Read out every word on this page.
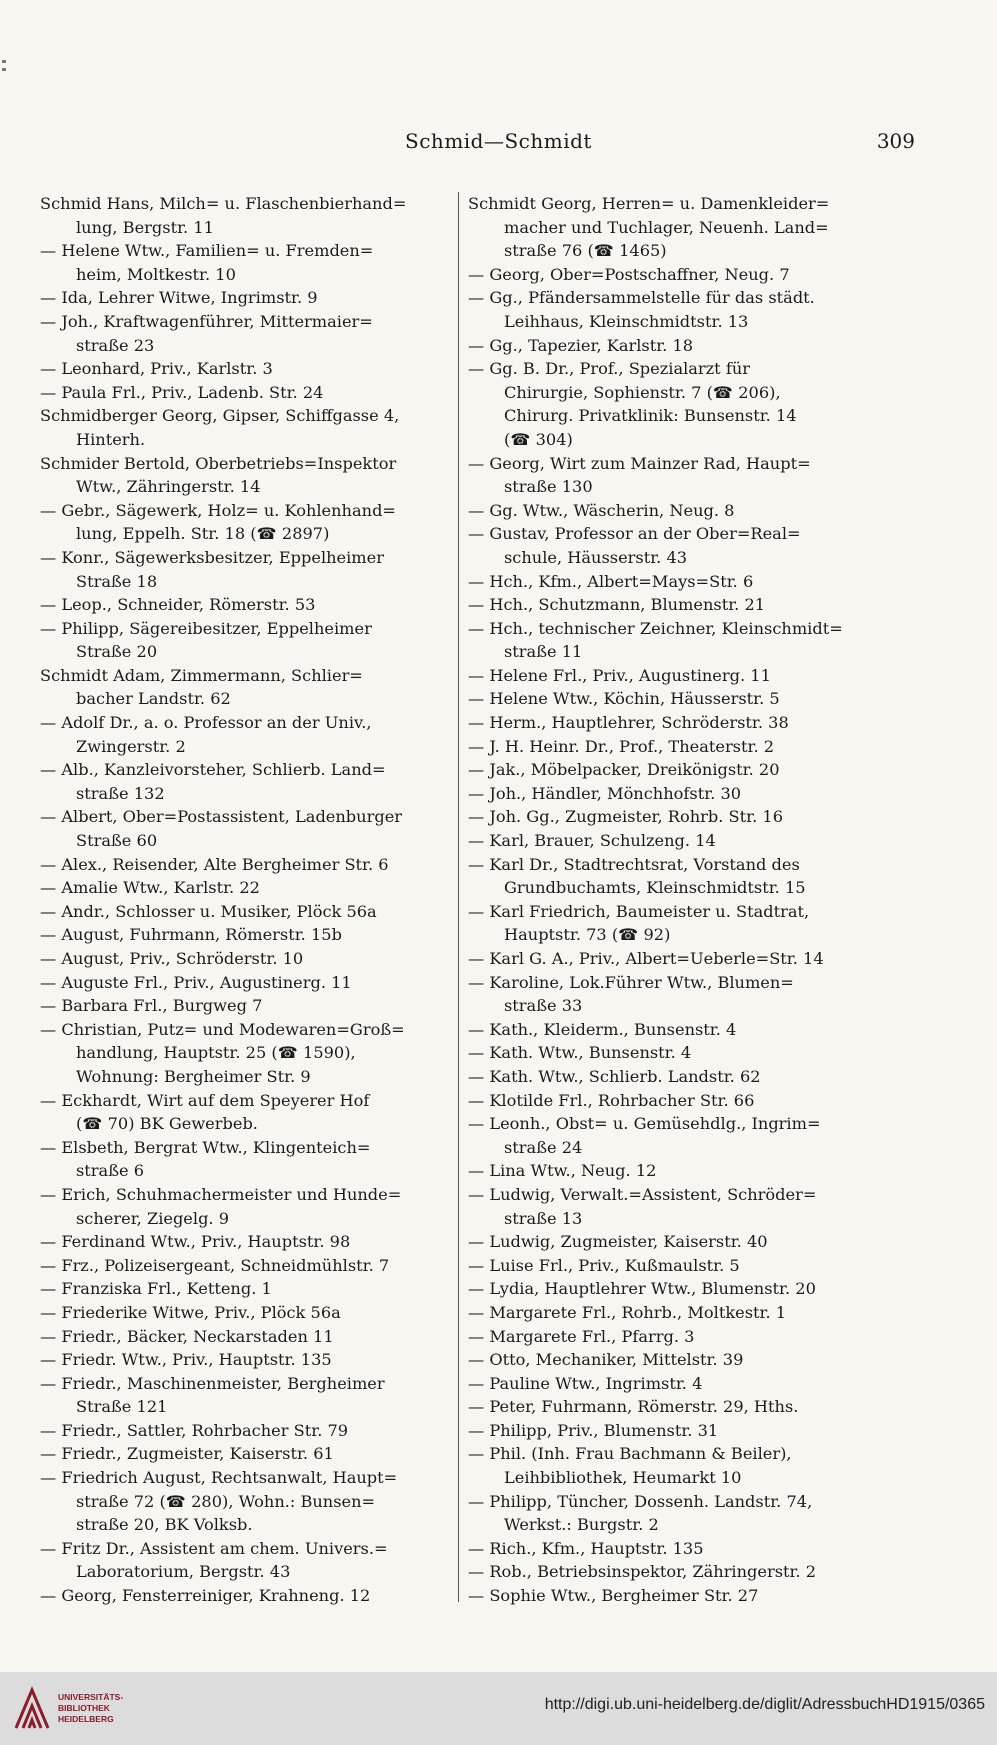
Schmid—Schmidt	309
Schmid Hans, Milch= u. Flaschenbierhand=
lung, Bergstr. 11
— Helene Wtw., Familien= u. Fremden=
heim, Moltkestr. 10
— Ida, Lehrer Witwe, Ingrimstr. 9
— Joh., Kraftwagenführer, Mittermaier=
straße 23
— Leonhard, Priv., Karlstr. 3
— Paula Frl., Priv., Ladenb. Str. 24
Schmidberger Georg, Gipser, Schiffgasse 4,
Hinterh.
Schmider Bertold, Oberbetriebs=Inspektor
Wtw., Zähringerstr. 14
— Gebr., Sägewerk, Holz= u. Kohlenhand=
lung, Eppelh. Str. 18 (☎ 2897)
— Konr., Sägewerksbesitzer, Eppelheimer
Straße 18
— Leop., Schneider, Römerstr. 53
— Philipp, Sägereibesitzer, Eppelheimer
Straße 20
Schmidt Adam, Zimmermann, Schlier=
bacher Landstr. 62
— Adolf Dr., a. o. Professor an der Univ.,
Zwingerstr. 2
— Alb., Kanzleivorsteher, Schlierb. Land=
straße 132
— Albert, Ober=Postassistent, Ladenburger
Straße 60
— Alex., Reisender, Alte Bergheimer Str. 6
— Amalie Wtw., Karlstr. 22
— Andr., Schlosser u. Musiker, Plöck 56a
— August, Fuhrmann, Römerstr. 15b
— August, Priv., Schröderstr. 10
— Auguste Frl., Priv., Augustinerg. 11
— Barbara Frl., Burgweg 7
— Christian, Putz= und Modewaren=Groß=
handlung, Hauptstr. 25 (☎ 1590),
Wohnung: Bergheimer Str. 9
— Eckhardt, Wirt auf dem Speyerer Hof
(☎ 70) BK Gewerbeb.
— Elsbeth, Bergrat Wtw., Klingenteich=
straße 6
— Erich, Schuhmachermeister und Hunde=
scherer, Ziegelg. 9
— Ferdinand Wtw., Priv., Hauptstr. 98
— Frz., Polizeisergeant, Schneidmühlstr. 7
— Franziska Frl., Ketteng. 1
— Friederike Witwe, Priv., Plöck 56a
— Friedr., Bäcker, Neckarstaden 11
— Friedr. Wtw., Priv., Hauptstr. 135
— Friedr., Maschinenmeister, Bergheimer
Straße 121
— Friedr., Sattler, Rohrbacher Str. 79
— Friedr., Zugmeister, Kaiserstr. 61
— Friedrich August, Rechtsanwalt, Haupt=
straße 72 (☎ 280), Wohn.: Bunsen=
straße 20, BK Volksb.
— Fritz Dr., Assistent am chem. Univers.=
Laboratorium, Bergstr. 43
— Georg, Fensterreiniger, Krahneng. 12
Schmidt Georg, Herren= u. Damenkleider=
macher und Tuchlager, Neuenh. Land=
straße 76 (☎ 1465)
— Georg, Ober=Postschaffner, Neug. 7
— Gg., Pfändersammelstelle für das städt.
Leihhaus, Kleinschmidtstr. 13
— Gg., Tapezier, Karlstr. 18
— Gg. B. Dr., Prof., Spezialarzt für
Chirurgie, Sophienstr. 7 (☎ 206),
Chirurg. Privatklinik: Bunsenstr. 14
(☎ 304)
— Georg, Wirt zum Mainzer Rad, Haupt=
straße 130
— Gg. Wtw., Wäscherin, Neug. 8
— Gustav, Professor an der Ober=Real=
schule, Häusserstr. 43
— Hch., Kfm., Albert=Mays=Str. 6
— Hch., Schutzmann, Blumenstr. 21
— Hch., technischer Zeichner, Kleinschmidt=
straße 11
— Helene Frl., Priv., Augustinerg. 11
— Helene Wtw., Köchin, Häusserstr. 5
— Herm., Hauptlehrer, Schröderstr. 38
— J. H. Heinr. Dr., Prof., Theaterstr. 2
— Jak., Möbelpacker, Dreikönigstr. 20
— Joh., Händler, Mönchhofstr. 30
— Joh. Gg., Zugmeister, Rohrb. Str. 16
— Karl, Brauer, Schulzeng. 14
— Karl Dr., Stadtrechtsrat, Vorstand des
Grundbuchamts, Kleinschmidtstr. 15
— Karl Friedrich, Baumeister u. Stadtrat,
Hauptstr. 73 (☎ 92)
— Karl G. A., Priv., Albert=Ueberle=Str. 14
— Karoline, Lok.Führer Wtw., Blumen=
straße 33
— Kath., Kleiderm., Bunsenstr. 4
— Kath. Wtw., Bunsenstr. 4
— Kath. Wtw., Schlierb. Landstr. 62
— Klotilde Frl., Rohrbacher Str. 66
— Leonh., Obst= u. Gemüsehdlg., Ingrim=
straße 24
— Lina Wtw., Neug. 12
— Ludwig, Verwalt.=Assistent, Schröder=
straße 13
— Ludwig, Zugmeister, Kaiserstr. 40
— Luise Frl., Priv., Kußmaulstr. 5
— Lydia, Hauptlehrer Wtw., Blumenstr. 20
— Margarete Frl., Rohrb., Moltkestr. 1
— Margarete Frl., Pfarrg. 3
— Otto, Mechaniker, Mittelstr. 39
— Pauline Wtw., Ingrimstr. 4
— Peter, Fuhrmann, Römerstr. 29, Hths.
— Philipp, Priv., Blumenstr. 31
— Phil. (Inh. Frau Bachmann & Beiler),
Leihbibliothek, Heumarkt 10
— Philipp, Tüncher, Dossenh. Landstr. 74,
Werkst.: Burgstr. 2
— Rich., Kfm., Hauptstr. 135
— Rob., Betriebsinspektor, Zähringerstr. 2
— Sophie Wtw., Bergheimer Str. 27
UNIVERSITÄTS-
BIBLIOTHEK
HEIDELBERG
http://digi.ub.uni-heidelberg.de/diglit/AdressbuchHD1915/0365
